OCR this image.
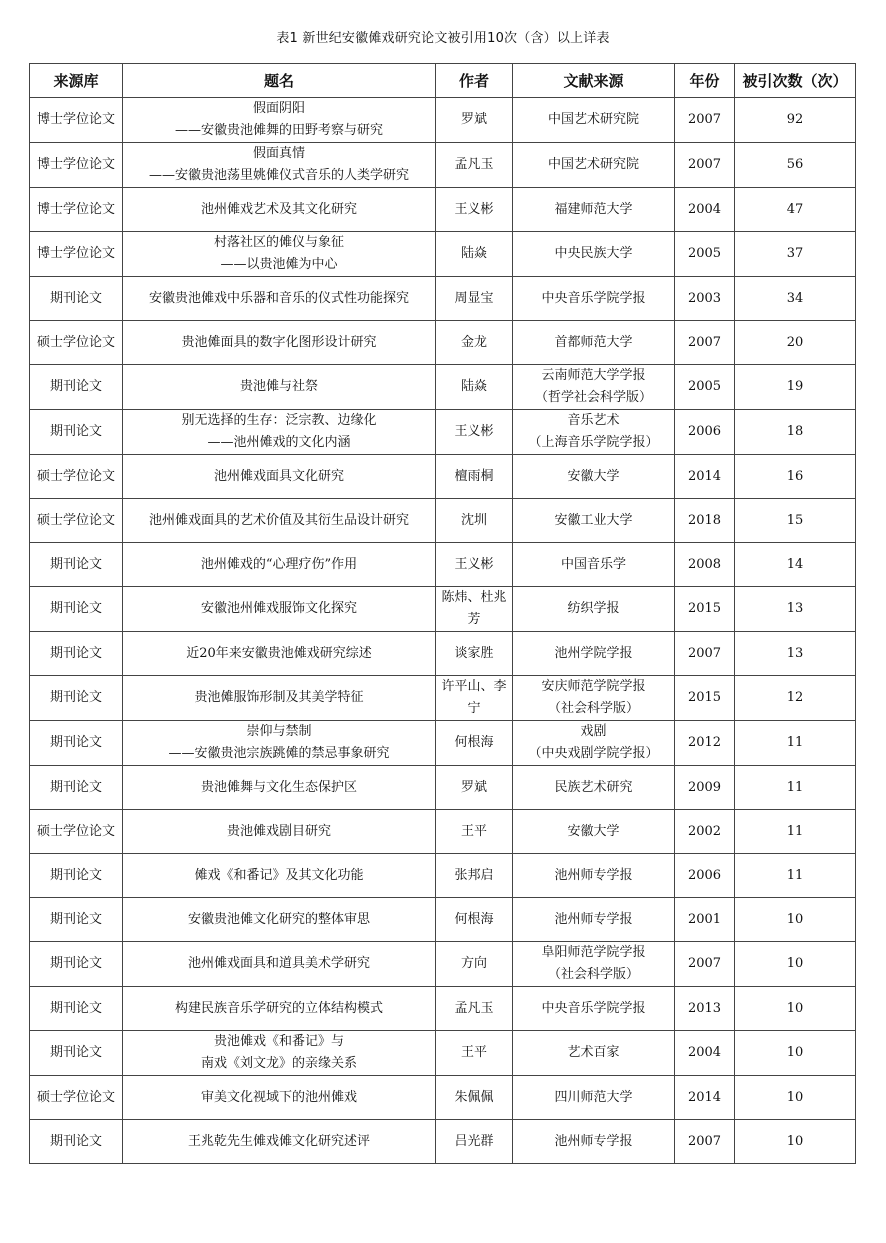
表1 新世纪安徽傩戏研究论文被引用10次（含）以上详表
来源库	题名	作者	文献来源	年份	被引次数（次）
博士学位论文	假面阴阳
——安徽贵池傩舞的田野考察与研究	罗斌	中国艺术研究院	2007	92
博士学位论文	假面真情
——安徽贵池荡里姚傩仪式音乐的人类学研究	孟凡玉	中国艺术研究院	2007	56
博士学位论文	池州傩戏艺术及其文化研究	王义彬	福建师范大学	2004	47
博士学位论文	村落社区的傩仪与象征
——以贵池傩为中心	陆焱	中央民族大学	2005	37
期刊论文	安徽贵池傩戏中乐器和音乐的仪式性功能探究	周显宝	中央音乐学院学报	2003	34
硕士学位论文	贵池傩面具的数字化图形设计研究	金龙	首都师范大学	2007	20
期刊论文	贵池傩与社祭	陆焱	云南师范大学学报
（哲学社会科学版）	2005	19
期刊论文	别无选择的生存：泛宗教、边缘化
——池州傩戏的文化内涵	王义彬	音乐艺术
（上海音乐学院学报）	2006	18
硕士学位论文	池州傩戏面具文化研究	檀雨桐	安徽大学	2014	16
硕士学位论文	池州傩戏面具的艺术价值及其衍生品设计研究	沈圳	安徽工业大学	2018	15
期刊论文	池州傩戏的“心理疗伤”作用	王义彬	中国音乐学	2008	14
期刊论文	安徽池州傩戏服饰文化探究	陈炜、杜兆芳	纺织学报	2015	13
期刊论文	近20年来安徽贵池傩戏研究综述	谈家胜	池州学院学报	2007	13
期刊论文	贵池傩服饰形制及其美学特征	许平山、李宁	安庆师范学院学报
（社会科学版）	2015	12
期刊论文	崇仰与禁制
——安徽贵池宗族跳傩的禁忌事象研究	何根海	戏剧
（中央戏剧学院学报）	2012	11
期刊论文	贵池傩舞与文化生态保护区	罗斌	民族艺术研究	2009	11
硕士学位论文	贵池傩戏剧目研究	王平	安徽大学	2002	11
期刊论文	傩戏《和番记》及其文化功能	张邦启	池州师专学报	2006	11
期刊论文	安徽贵池傩文化研究的整体审思	何根海	池州师专学报	2001	10
期刊论文	池州傩戏面具和道具美术学研究	方向	阜阳师范学院学报
（社会科学版）	2007	10
期刊论文	构建民族音乐学研究的立体结构模式	孟凡玉	中央音乐学院学报	2013	10
期刊论文	贵池傩戏《和番记》与
南戏《刘文龙》的亲缘关系	王平	艺术百家	2004	10
硕士学位论文	审美文化视域下的池州傩戏	朱佩佩	四川师范大学	2014	10
期刊论文	王兆乾先生傩戏傩文化研究述评	吕光群	池州师专学报	2007	10
